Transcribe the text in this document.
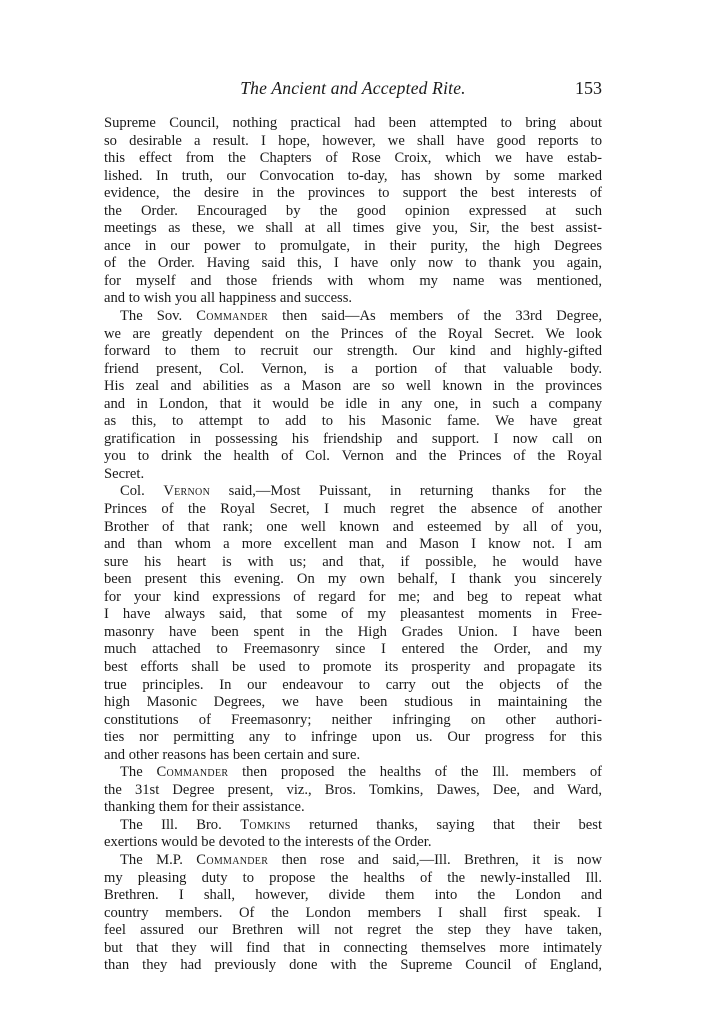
The Ancient and Accepted Rite.	153
Supreme Council, nothing practical had been attempted to bring about
so desirable a result. I hope, however, we shall have good reports to
this effect from the Chapters of Rose Croix, which we have estab-
lished. In truth, our Convocation to-day, has shown by some marked
evidence, the desire in the provinces to support the best interests of
the Order. Encouraged by the good opinion expressed at such
meetings as these, we shall at all times give you, Sir, the best assist-
ance in our power to promulgate, in their purity, the high Degrees
of the Order. Having said this, I have only now to thank you again,
for myself and those friends with whom my name was mentioned,
and to wish you all happiness and success.
The Sov. Commander then said—As members of the 33rd Degree,
we are greatly dependent on the Princes of the Royal Secret. We look
forward to them to recruit our strength. Our kind and highly-gifted
friend present, Col. Vernon, is a portion of that valuable body.
His zeal and abilities as a Mason are so well known in the provinces
and in London, that it would be idle in any one, in such a company
as this, to attempt to add to his Masonic fame. We have great
gratification in possessing his friendship and support. I now call on
you to drink the health of Col. Vernon and the Princes of the Royal
Secret.
Col. Vernon said,—Most Puissant, in returning thanks for the
Princes of the Royal Secret, I much regret the absence of another
Brother of that rank; one well known and esteemed by all of you,
and than whom a more excellent man and Mason I know not. I am
sure his heart is with us; and that, if possible, he would have
been present this evening. On my own behalf, I thank you sincerely
for your kind expressions of regard for me; and beg to repeat what
I have always said, that some of my pleasantest moments in Free-
masonry have been spent in the High Grades Union. I have been
much attached to Freemasonry since I entered the Order, and my
best efforts shall be used to promote its prosperity and propagate its
true principles. In our endeavour to carry out the objects of the
high Masonic Degrees, we have been studious in maintaining the
constitutions of Freemasonry; neither infringing on other authori-
ties nor permitting any to infringe upon us. Our progress for this
and other reasons has been certain and sure.
The Commander then proposed the healths of the Ill. members of
the 31st Degree present, viz., Bros. Tomkins, Dawes, Dee, and Ward,
thanking them for their assistance.
The Ill. Bro. Tomkins returned thanks, saying that their best
exertions would be devoted to the interests of the Order.
The M.P. Commander then rose and said,—Ill. Brethren, it is now
my pleasing duty to propose the healths of the newly-installed Ill.
Brethren. I shall, however, divide them into the London and
country members. Of the London members I shall first speak. I
feel assured our Brethren will not regret the step they have taken,
but that they will find that in connecting themselves more intimately
than they had previously done with the Supreme Council of England,
